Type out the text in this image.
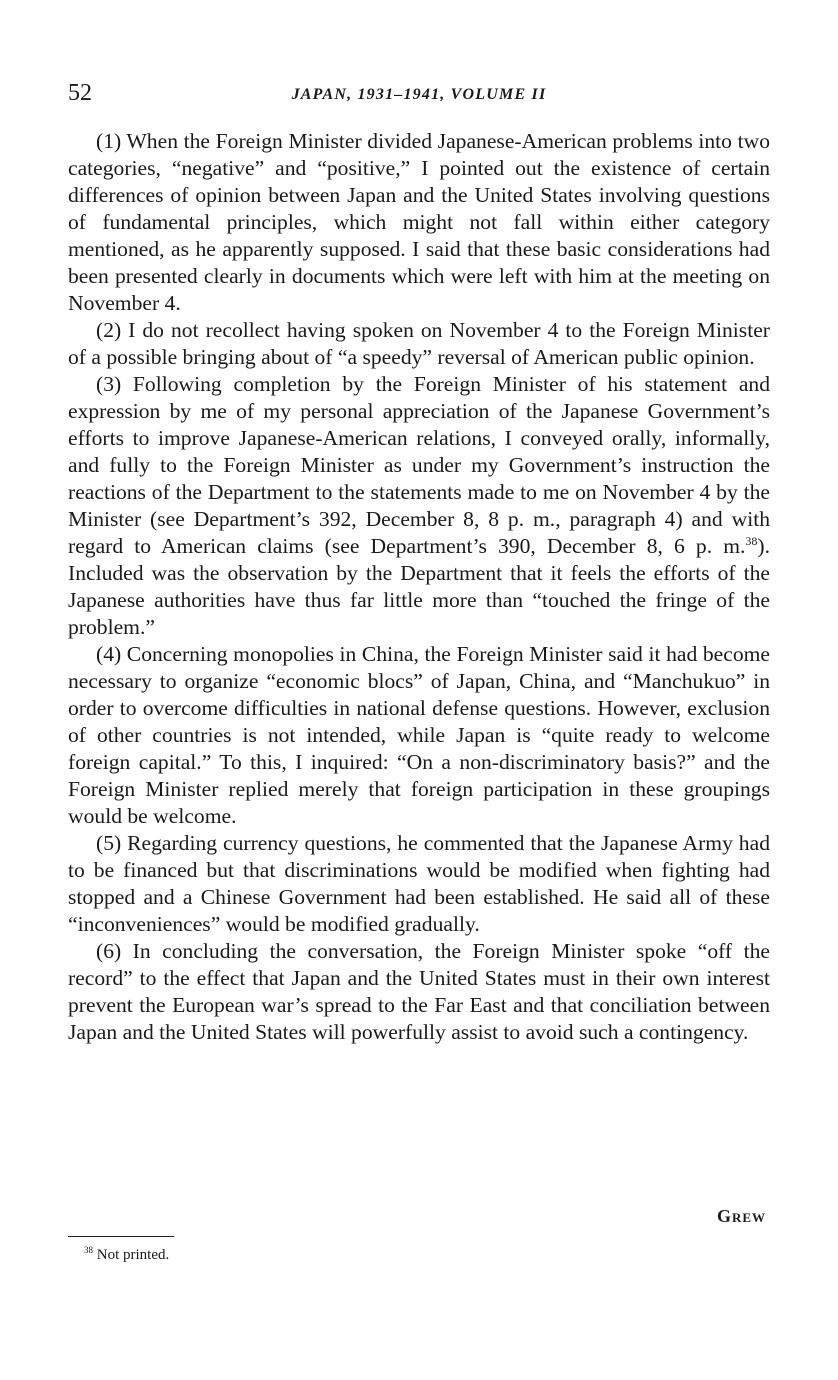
52	JAPAN, 1931–1941, VOLUME II

(1) When the Foreign Minister divided Japanese-American problems into two categories, “negative” and “positive,” I pointed out the existence of certain differences of opinion between Japan and the United States involving questions of fundamental principles, which might not fall within either category mentioned, as he apparently supposed. I said that these basic considerations had been presented clearly in documents which were left with him at the meeting on November 4.

(2) I do not recollect having spoken on November 4 to the Foreign Minister of a possible bringing about of “a speedy” reversal of American public opinion.

(3) Following completion by the Foreign Minister of his statement and expression by me of my personal appreciation of the Japanese Government’s efforts to improve Japanese-American relations, I conveyed orally, informally, and fully to the Foreign Minister as under my Government’s instruction the reactions of the Department to the statements made to me on November 4 by the Minister (see Department’s 392, December 8, 8 p. m., paragraph 4) and with regard to American claims (see Department’s 390, December 8, 6 p. m.$^{38}$). Included was the observation by the Department that it feels the efforts of the Japanese authorities have thus far little more than “touched the fringe of the problem.”

(4) Concerning monopolies in China, the Foreign Minister said it had become necessary to organize “economic blocs” of Japan, China, and “Manchukuo” in order to overcome difficulties in national defense questions. However, exclusion of other countries is not intended, while Japan is “quite ready to welcome foreign capital.” To this, I inquired: “On a non-discriminatory basis?” and the Foreign Minister replied merely that foreign participation in these groupings would be welcome.

(5) Regarding currency questions, he commented that the Japanese Army had to be financed but that discriminations would be modified when fighting had stopped and a Chinese Government had been established. He said all of these “inconveniences” would be modified gradually.

(6) In concluding the conversation, the Foreign Minister spoke “off the record” to the effect that Japan and the United States must in their own interest prevent the European war’s spread to the Far East and that conciliation between Japan and the United States will powerfully assist to avoid such a contingency.

Grew
$^{38}$ Not printed.
